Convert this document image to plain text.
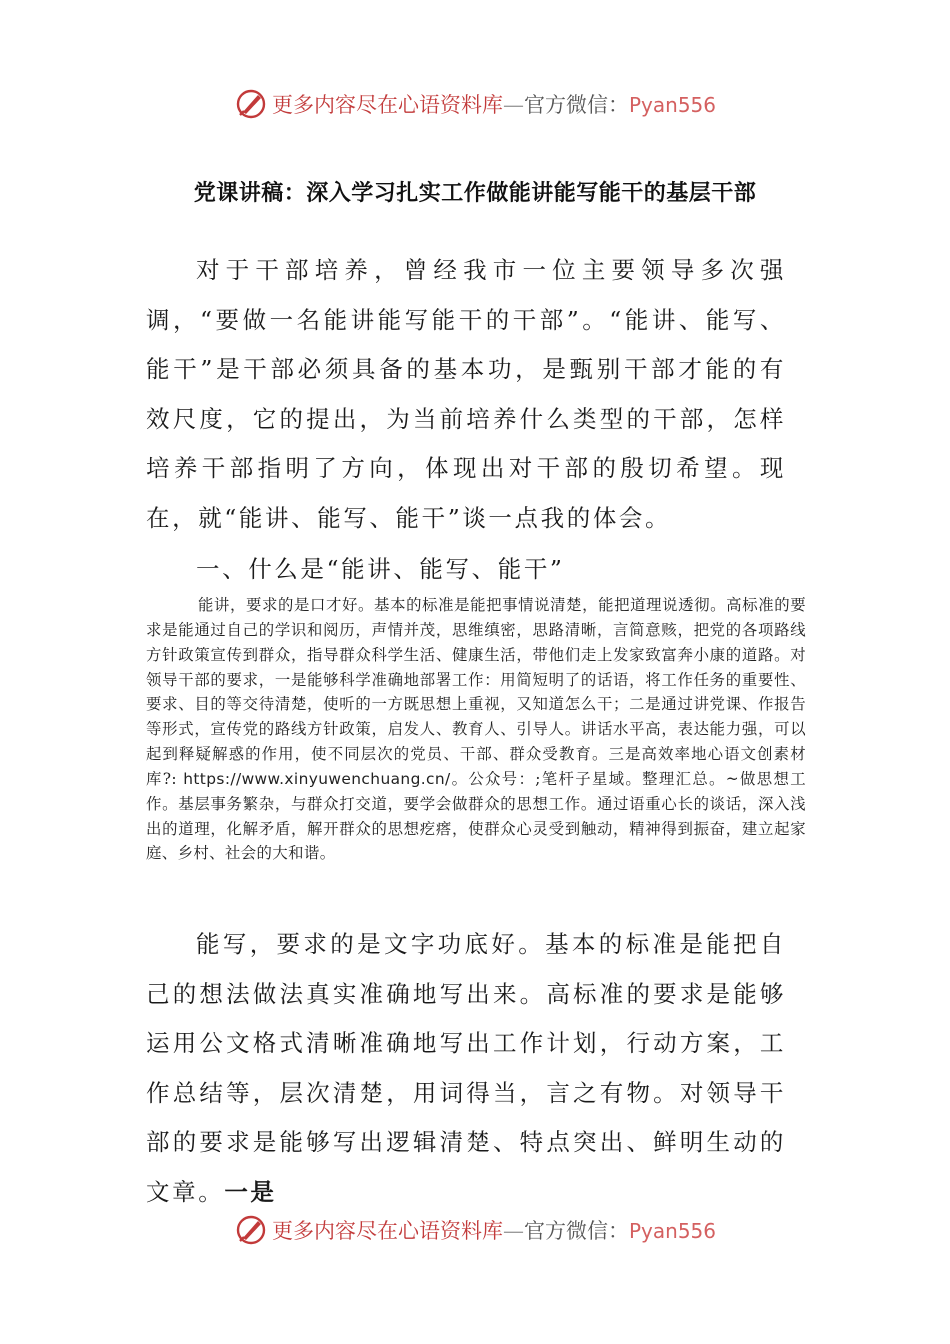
更多内容尽在心语资料库—官方微信：Pyan556
党课讲稿：深入学习扎实工作做能讲能写能干的基层干部

对于干部培养，曾经我市一位主要领导多次强调，“要做一名能讲能写能干的干部”。“能讲、能写、能干”是干部必须具备的基本功，是甄别干部才能的有效尺度，它的提出，为当前培养什么类型的干部，怎样培养干部指明了方向，体现出对干部的殷切希望。现在，就“能讲、能写、能干”谈一点我的体会。

一、什么是“能讲、能写、能干”

能讲，要求的是口才好。基本的标准是能把事情说清楚，能把道理说透彻。高标准的要求是能通过自己的学识和阅历，声情并茂，思维缜密，思路清晰，言简意赅，把党的各项路线方针政策宣传到群众，指导群众科学生活、健康生活，带他们走上发家致富奔小康的道路。对领导干部的要求，一是能够科学准确地部署工作：用简短明了的话语，将工作任务的重要性、要求、目的等交待清楚，使听的一方既思想上重视，又知道怎么干；二是通过讲党课、作报告等形式，宣传党的路线方针政策，启发人、教育人、引导人。讲话水平高，表达能力强，可以起到释疑解惑的作用，使不同层次的党员、干部、群众受教育。三是高效率地心语文创素材库?: https://www.xinyuwenchuang.cn/。公众号：;笔杆子星域。整理汇总。~做思想工作。基层事务繁杂，与群众打交道，要学会做群众的思想工作。通过语重心长的谈话，深入浅出的道理，化解矛盾，解开群众的思想疙瘩，使群众心灵受到触动，精神得到振奋，建立起家庭、乡村、社会的大和谐。

能写，要求的是文字功底好。基本的标准是能把自己的想法做法真实准确地写出来。高标准的要求是能够运用公文格式清晰准确地写出工作计划，行动方案，工作总结等，层次清楚，用词得当，言之有物。对领导干部的要求是能够写出逻辑清楚、特点突出、鲜明生动的文章。一是

更多内容尽在心语资料库—官方微信：Pyan556
